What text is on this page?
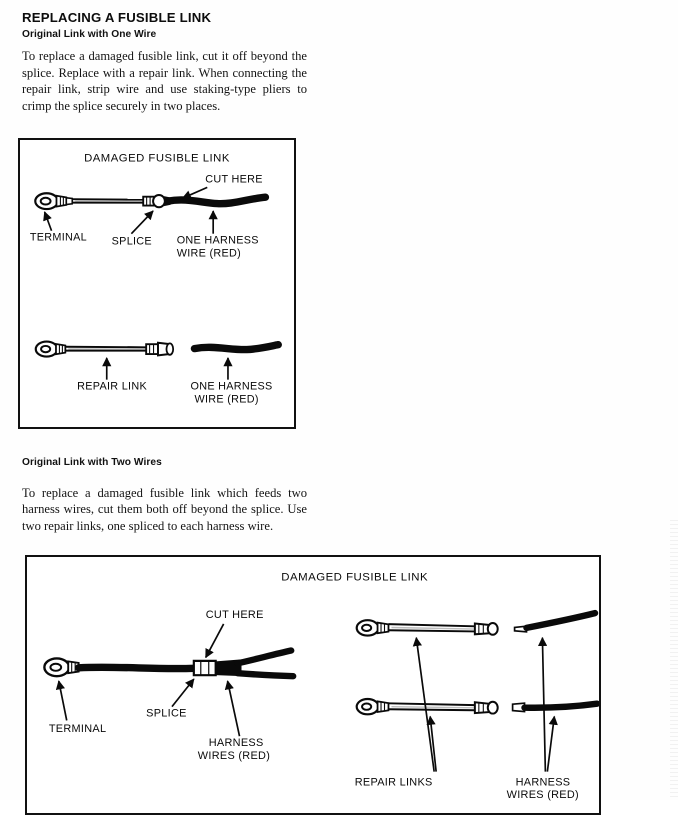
REPLACING A FUSIBLE LINK
Original Link with One Wire

To replace a damaged fusible link, cut it off beyond the splice. Replace with a repair link. When connecting the repair link, strip wire and use staking-type pliers to crimp the splice securely in two places.

DAMAGED FUSIBLE LINK
CUT HERE
TERMINAL SPLICE ONE HARNESS
WIRE (RED)
REPAIR LINK	ONE HARNESS
WIRE (RED)
Original Link with Two Wires

To replace a damaged fusible link which feeds two harness wires, cut them both off beyond the splice. Use two repair links, one spliced to each harness wire.

DAMAGED FUSIBLE LINK
CUT HERE
TERMINAL
SPLICE
HARNESS
WIRES (RED)
REPAIR LINKS	HARNESS
WIRES (RED)
